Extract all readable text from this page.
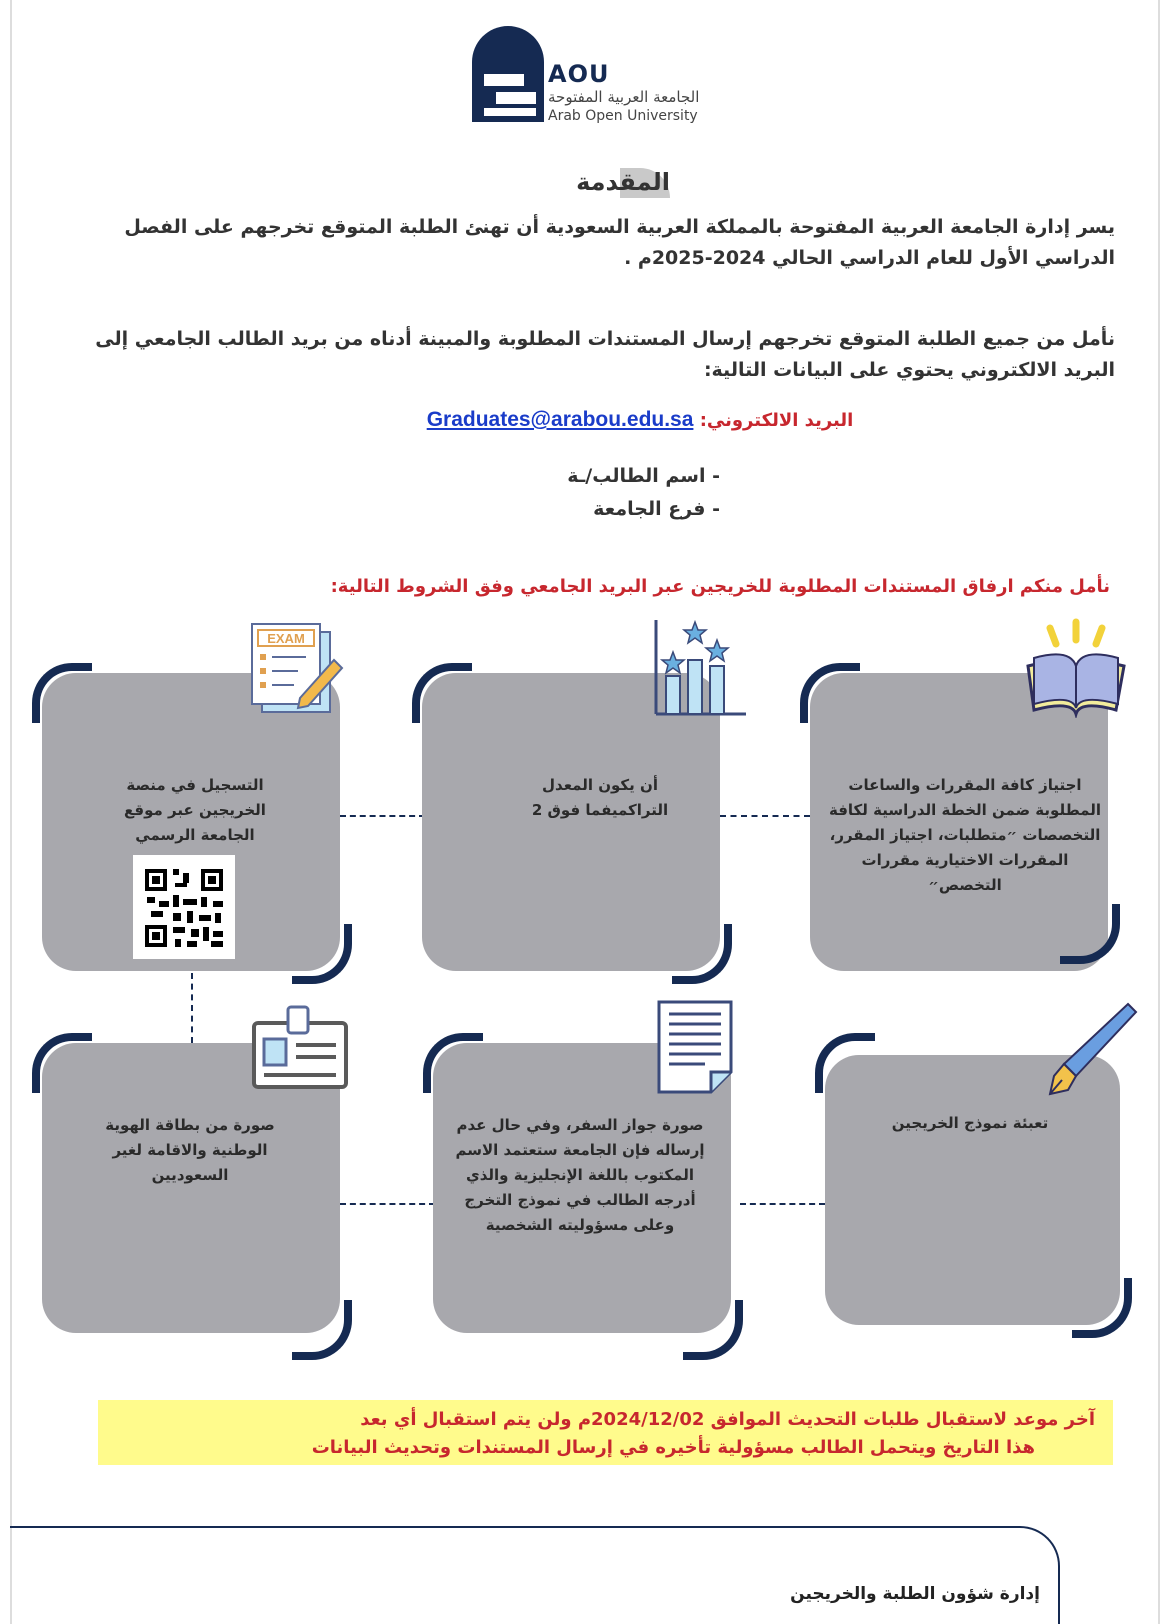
AOU
الجامعة العربية المفتوحة
Arab Open University
المقدمة
يسر إدارة الجامعة العربية المفتوحة بالمملكة العربية السعودية أن تهنئ الطلبة المتوقع تخرجهم على الفصل الدراسي الأول للعام الدراسي الحالي 2024-2025م .
نأمل من جميع الطلبة المتوقع تخرجهم إرسال المستندات المطلوبة والمبينة أدناه من بريد الطالب الجامعي إلى البريد الالكتروني يحتوي على البيانات التالية:
البريد الالكتروني: Graduates@arabou.edu.sa
- اسم الطالب/ـة
- فرع الجامعة
نأمل منكم ارفاق المستندات المطلوبة للخريجين عبر البريد الجامعي وفق الشروط التالية:
التسجيل في منصة الخريجين عبر موقع الجامعة الرسمي
EXAM
أن يكون المعدل التراكميفما فوق 2
اجتياز كافة المقررات والساعات المطلوبة ضمن الخطة الدراسية لكافة التخصصات ״متطلبات، اجتياز المقرر، المقررات الاختيارية مقررات التخصص״
صورة من بطاقة الهوية الوطنية والاقامة لغير السعوديين
صورة جواز السفر، وفي حال عدم إرساله فإن الجامعة ستعتمد الاسم المكتوب باللغة الإنجليزية والذي أدرجه الطالب في نموذج التخرج وعلى مسؤوليته الشخصية
تعبئة نموذج الخريجين
آخر موعد لاستقبال طلبات التحديث الموافق 2024/12/02م ولن يتم استقبال أي بعد
هذا التاريخ ويتحمل الطالب مسؤولية تأخيره في إرسال المستندات وتحديث البيانات
إدارة شؤون الطلبة والخريجين
